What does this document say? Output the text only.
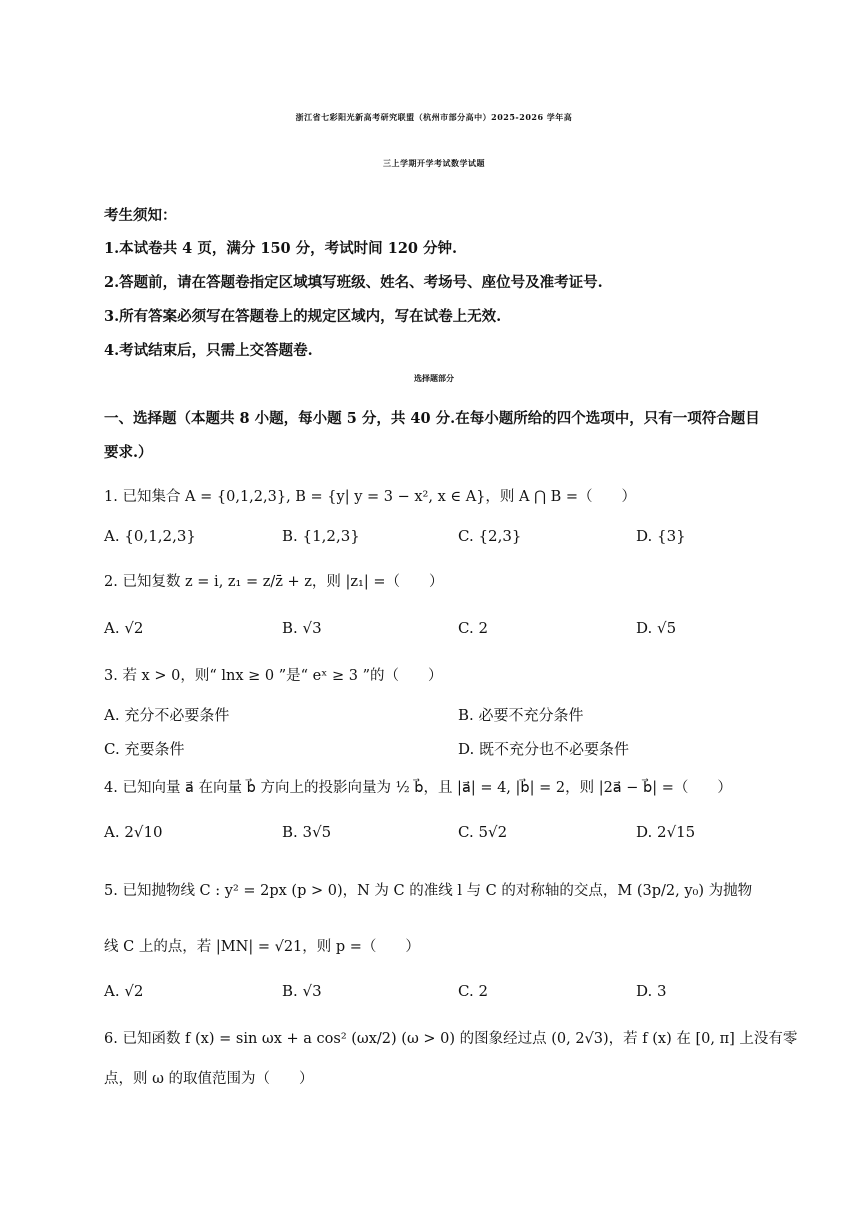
浙江省七彩阳光新高考研究联盟（杭州市部分高中）2025-2026 学年高
三上学期开学考试数学试题
考生须知：
1.本试卷共 4 页，满分 150 分，考试时间 120 分钟.
2.答题前，请在答题卷指定区域填写班级、姓名、考场号、座位号及准考证号.
3.所有答案必须写在答题卷上的规定区域内，写在试卷上无效.
4.考试结束后，只需上交答题卷.
选择题部分
一、选择题（本题共 8 小题，每小题 5 分，共 40 分.在每小题所给的四个选项中，只有一项符合题目
要求.）
1. 已知集合 A = {0,1,2,3}, B = {y| y = 3 − x², x ∈ A}，则 A ⋂ B =（　　）
A. {0,1,2,3}	B. {1,2,3}	C. {2,3}	D. {3}
2. 已知复数 z = i, z₁ = z/z̄ + z，则 |z₁| =（　　）
A. √2	B. √3	C. 2	D. √5
3. 若 x > 0，则“ lnx ≥ 0 ”是“ eˣ ≥ 3 ”的（　　）
A. 充分不必要条件	B. 必要不充分条件
C. 充要条件	D. 既不充分也不必要条件
4. 已知向量 a⃗ 在向量 b⃗ 方向上的投影向量为 ½ b⃗，且 |a⃗| = 4, |b⃗| = 2，则 |2a⃗ − b⃗| =（　　）
A. 2√10	B. 3√5	C. 5√2	D. 2√15
5. 已知抛物线 C : y² = 2px (p > 0)，N 为 C 的准线 l 与 C 的对称轴的交点，M (3p/2, y₀) 为抛物
线 C 上的点，若 |MN| = √21，则 p =（　　）
A. √2	B. √3	C. 2	D. 3
6. 已知函数 f (x) = sin ωx + a cos² (ωx/2) (ω > 0) 的图象经过点 (0, 2√3)，若 f (x) 在 [0, π] 上没有零
点，则 ω 的取值范围为（　　）
